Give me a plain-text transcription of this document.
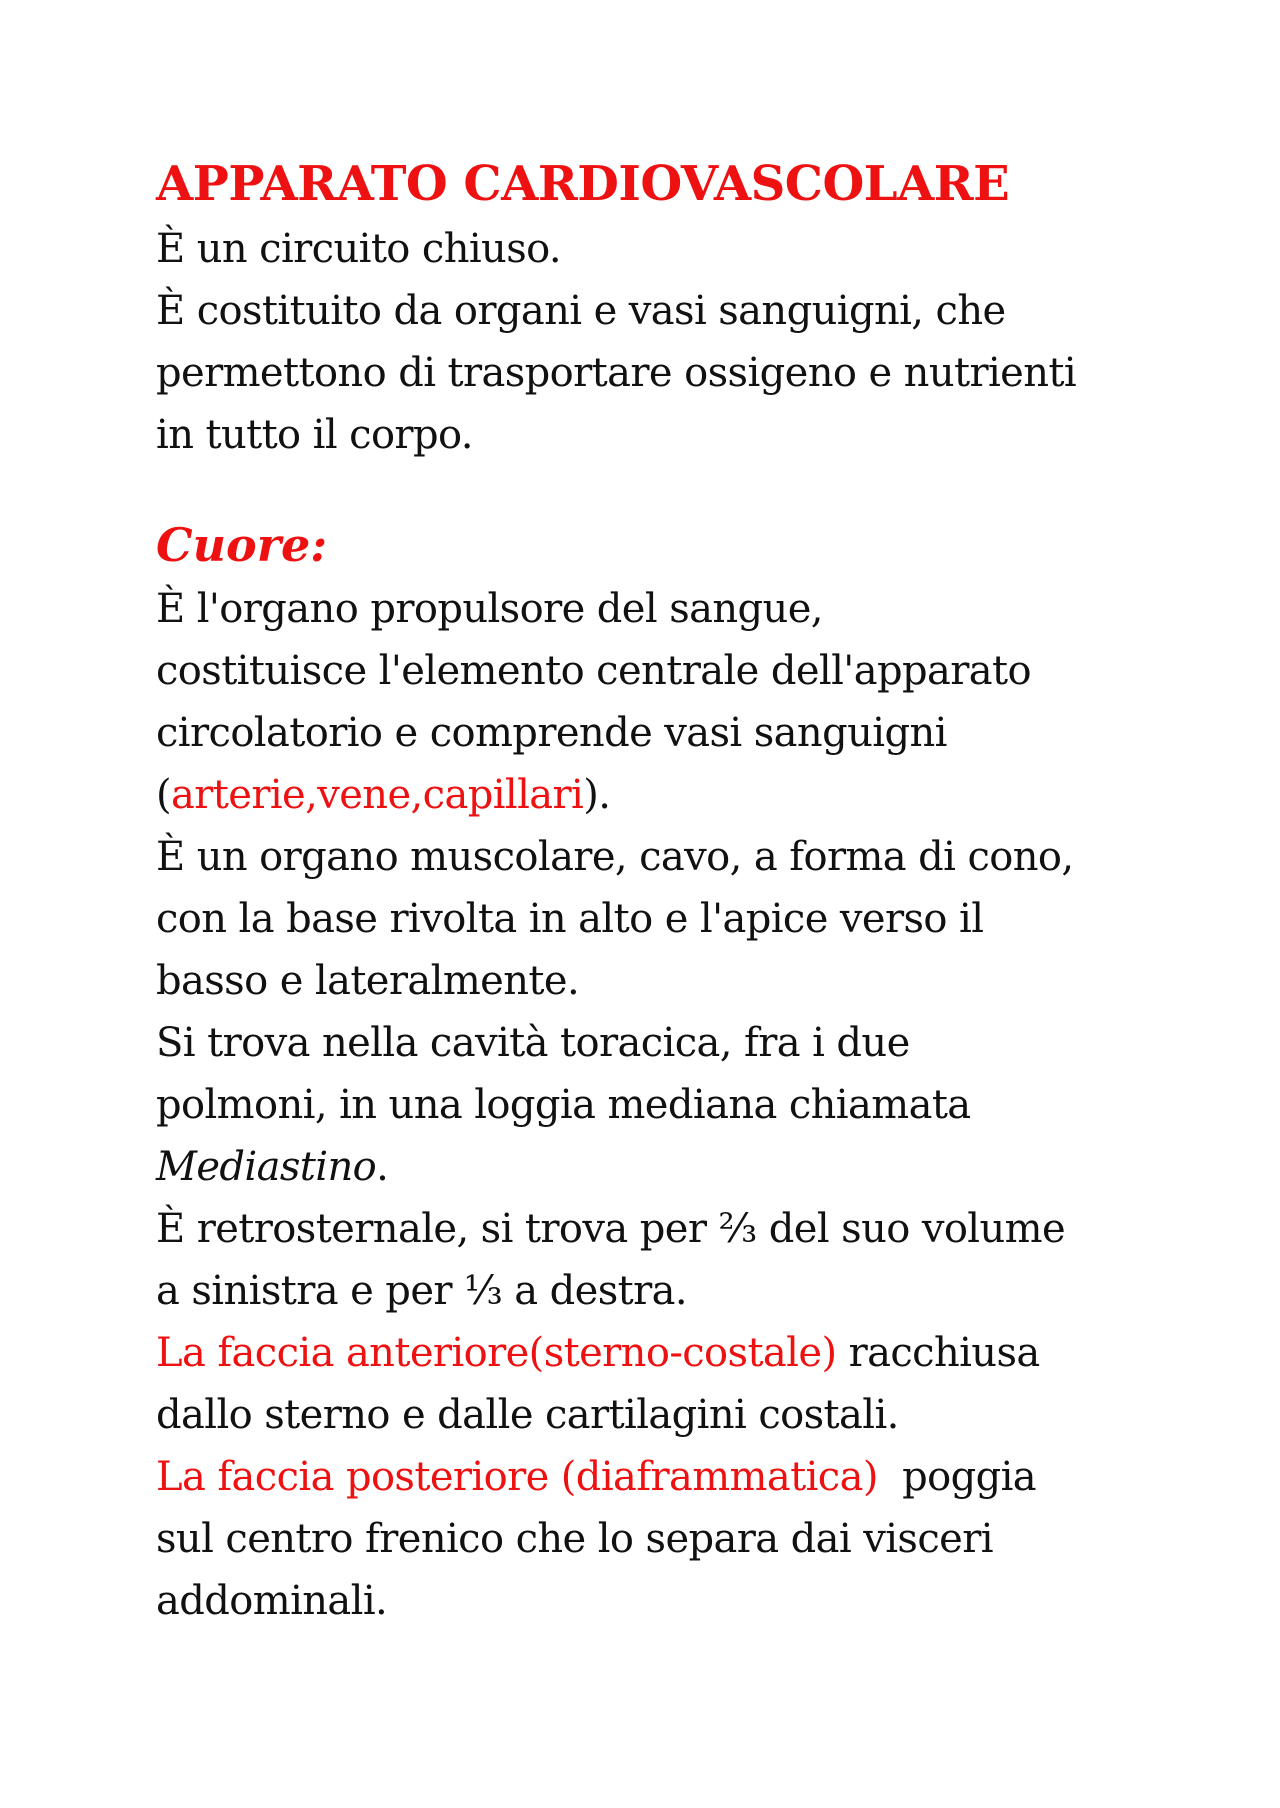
APPARATO CARDIOVASCOLARE

È un circuito chiuso.

È costituito da organi e vasi sanguigni, che

permettono di trasportare ossigeno e nutrienti

in tutto il corpo.

Cuore:

È l'organo propulsore del sangue,

costituisce l'elemento centrale dell'apparato

circolatorio e comprende vasi sanguigni

(arterie,vene,capillari).

È un organo muscolare, cavo, a forma di cono,

con la base rivolta in alto e l'apice verso il

basso e lateralmente.

Si trova nella cavità toracica, fra i due

polmoni, in una loggia mediana chiamata

Mediastino.

È retrosternale, si trova per ⅔ del suo volume

a sinistra e per ⅓ a destra.

La faccia anteriore(sterno-costale) racchiusa

dallo sterno e dalle cartilagini costali.

La faccia posteriore (diaframmatica)  poggia

sul centro frenico che lo separa dai visceri

addominali.
